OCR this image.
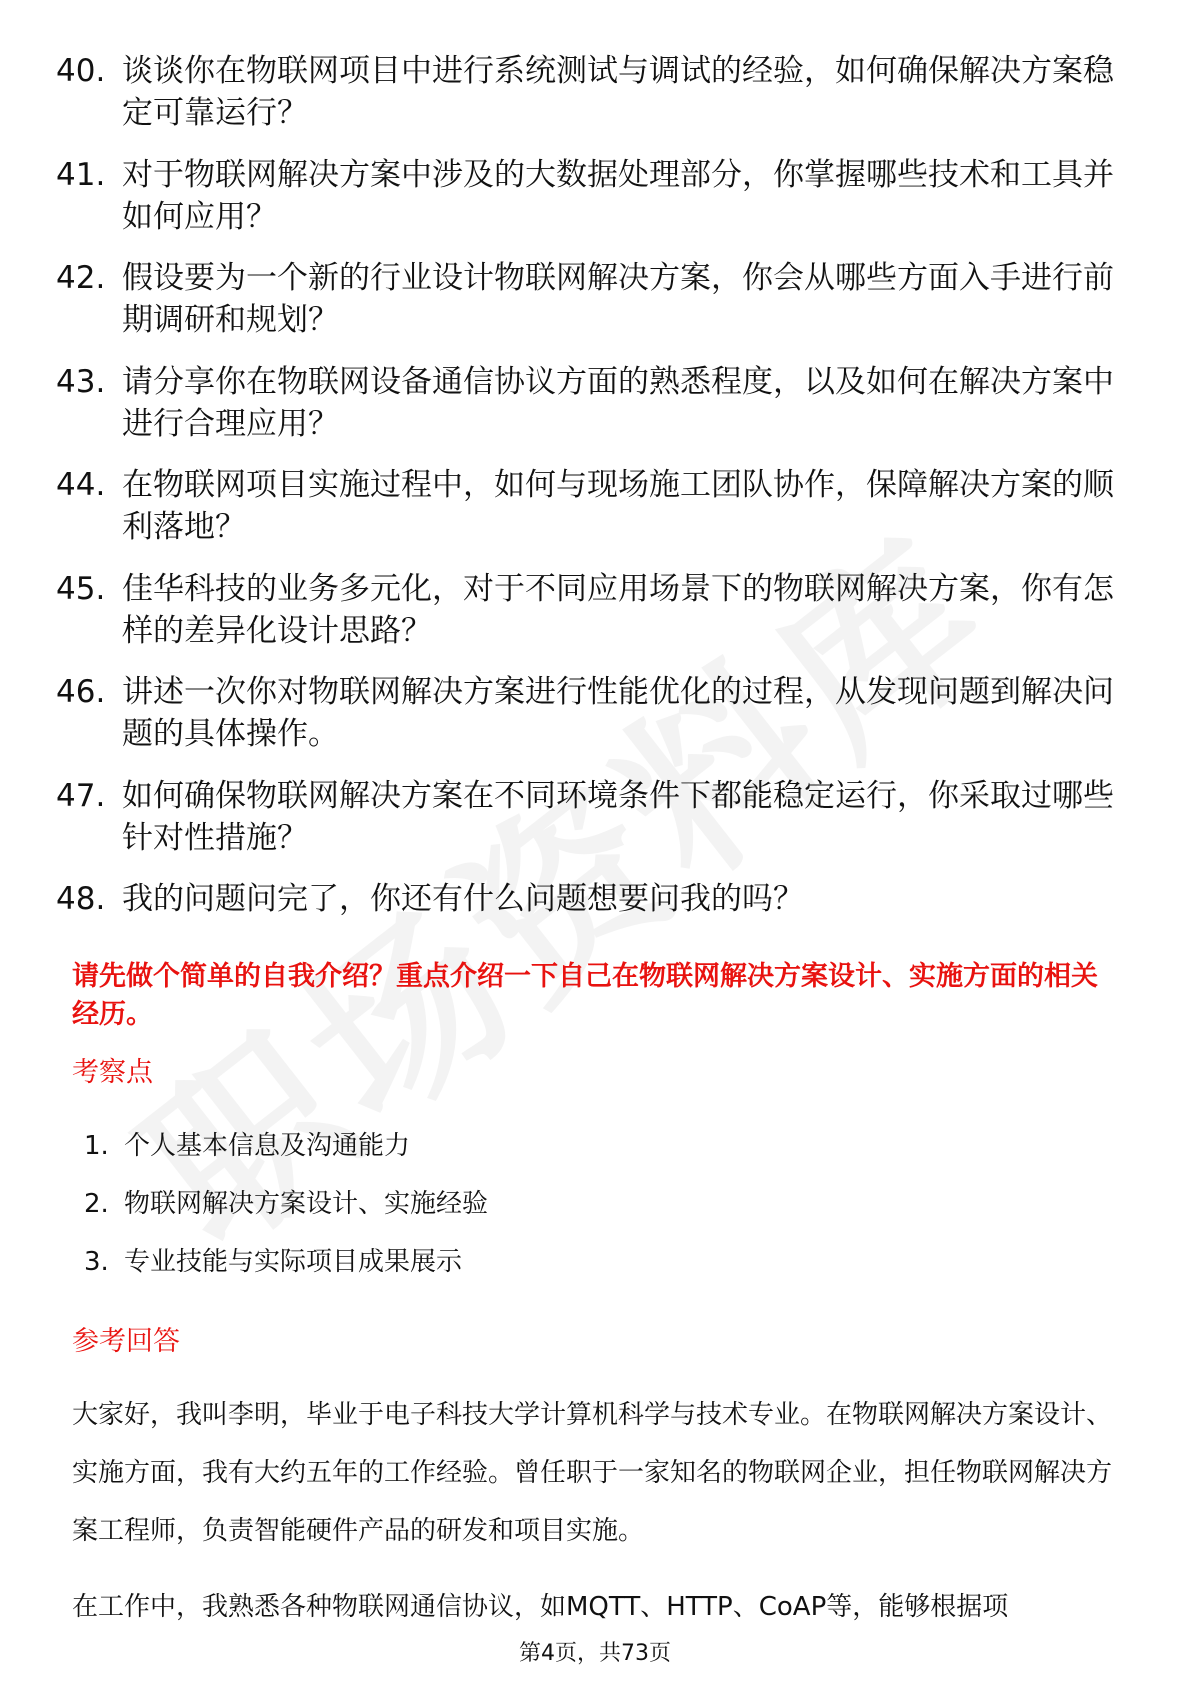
40. 谈谈你在物联网项目中进行系统测试与调试的经验，如何确保解决方案稳定可靠运行？
41. 对于物联网解决方案中涉及的大数据处理部分，你掌握哪些技术和工具并如何应用？
42. 假设要为一个新的行业设计物联网解决方案，你会从哪些方面入手进行前期调研和规划？
43. 请分享你在物联网设备通信协议方面的熟悉程度，以及如何在解决方案中进行合理应用？
44. 在物联网项目实施过程中，如何与现场施工团队协作，保障解决方案的顺利落地？
45. 佳华科技的业务多元化，对于不同应用场景下的物联网解决方案，你有怎样的差异化设计思路？
46. 讲述一次你对物联网解决方案进行性能优化的过程，从发现问题到解决问题的具体操作。
47. 如何确保物联网解决方案在不同环境条件下都能稳定运行，你采取过哪些针对性措施？
48. 我的问题问完了，你还有什么问题想要问我的吗？

请先做个简单的自我介绍？重点介绍一下自己在物联网解决方案设计、实施方面的相关经历。

考察点

1. 个人基本信息及沟通能力
2. 物联网解决方案设计、实施经验
3. 专业技能与实际项目成果展示

参考回答

大家好，我叫李明，毕业于电子科技大学计算机科学与技术专业。在物联网解决方案设计、实施方面，我有大约五年的工作经验。曾任职于一家知名的物联网企业，担任物联网解决方案工程师，负责智能硬件产品的研发和项目实施。

在工作中，我熟悉各种物联网通信协议，如MQTT、HTTP、CoAP等，能够根据项

第4页，共73页
